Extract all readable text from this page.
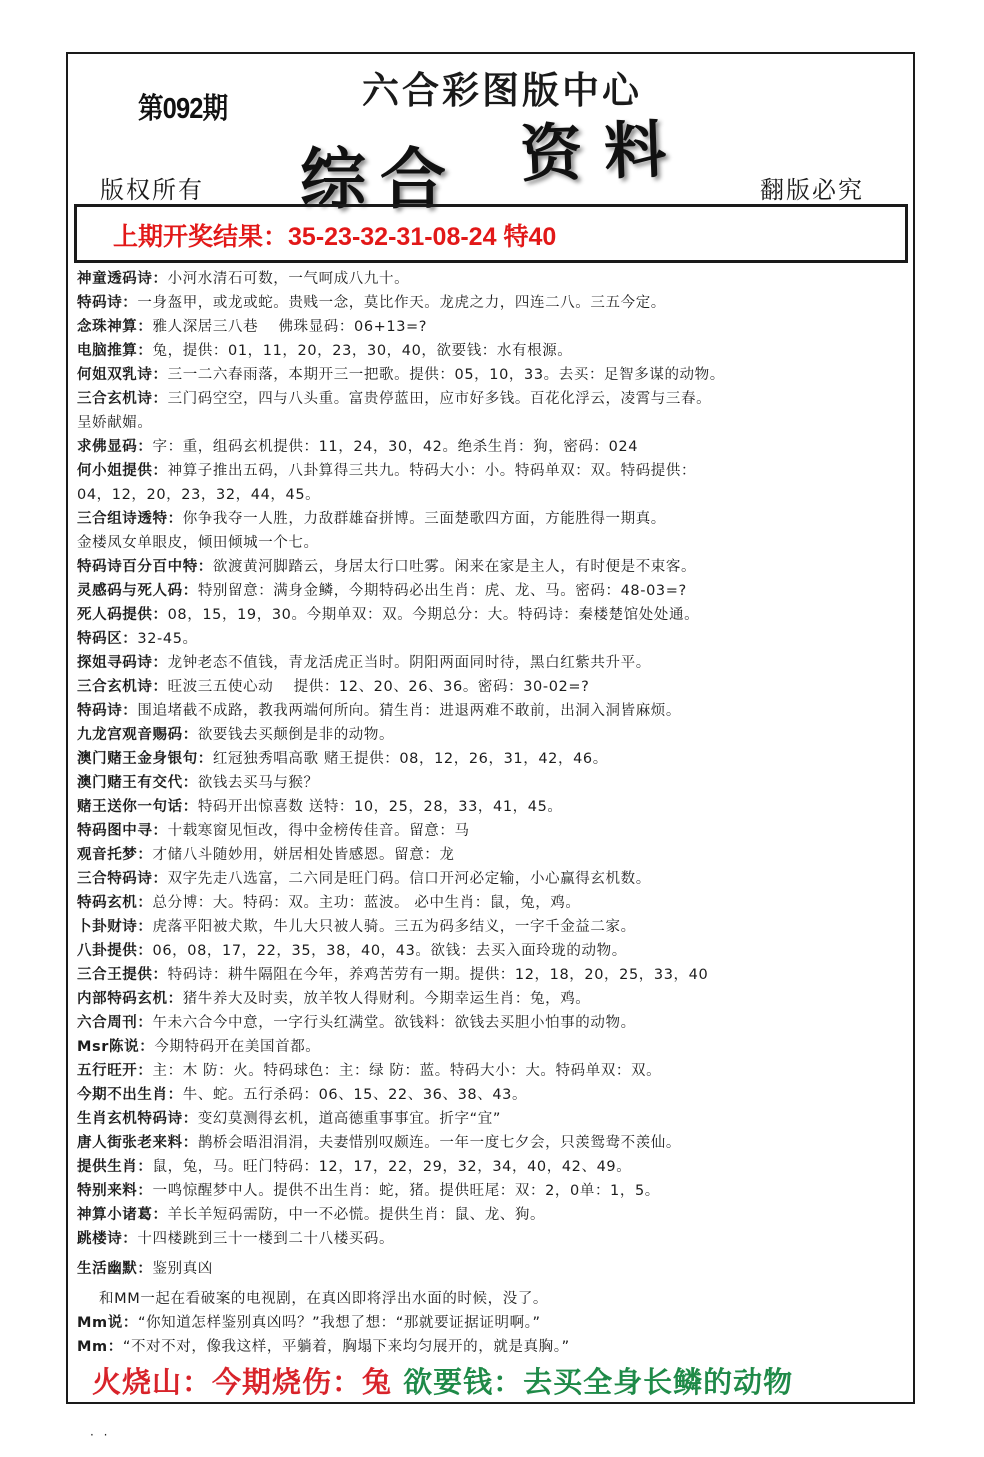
第092期	六合彩图版中心
综合 资料
版权所有	翻版必究
上期开奖结果：35-23-32-31-08-24 特40
神童透码诗：小河水清石可数，一气呵成八九十。
特码诗：一身盔甲，或龙或蛇。贵贱一念，莫比作天。龙虎之力，四连二八。三五今定。
念珠神算：雅人深居三八巷　 佛珠显码：06+13=?
电脑推算：兔，提供：01，11，20，23，30，40，欲要钱：水有根源。
何姐双乳诗：三一二六春雨落，本期开三一把歌。提供：05，10，33。去买：足智多谋的动物。
三合玄机诗：三门码空空，四与八头重。富贵停蓝田，应市好多钱。百花化浮云，凌霄与三春。
呈娇献媚。
求佛显码：字：重，组码玄机提供：11，24，30，42。绝杀生肖：狗，密码：024
何小姐提供：神算子推出五码，八卦算得三共九。特码大小：小。特码单双：双。特码提供：
04，12，20，23，32，44，45。
三合组诗透特：你争我夺一人胜，力敌群雄奋拼博。三面楚歌四方面，方能胜得一期真。
金楼凤女单眼皮，倾田倾城一个七。
特码诗百分百中特：欲渡黄河脚踏云，身居太行口吐雾。闲来在家是主人，有时便是不束客。
灵感码与死人码：特别留意：满身金鳞，今期特码必出生肖：虎、龙、马。密码：48-03=?
死人码提供：08，15，19，30。今期单双：双。今期总分：大。特码诗：秦楼楚馆处处通。
特码区：32-45。
探姐寻码诗：龙钟老态不值钱，青龙活虎正当时。阴阳两面同时待，黑白红紫共升平。
三合玄机诗：旺波三五使心动　 提供：12、20、26、36。密码：30-02=?
特码诗：围追堵截不成路，教我两端何所向。猜生肖：进退两难不敢前，出洞入洞皆麻烦。
九龙宫观音赐码：欲要钱去买颠倒是非的动物。
澳门赌王金身银句：红冠独秀唱高歌 赌王提供：08，12，26，31，42，46。
澳门赌王有交代：欲钱去买马与猴？
赌王送你一句话：特码开出惊喜数 送特：10，25，28，33，41，45。
特码图中寻：十载寒窗见恒改，得中金榜传佳音。留意：马
观音托梦：才储八斗随妙用，姘居相处皆感恩。留意：龙
三合特码诗：双字先走八选富，二六同是旺门码。信口开河必定输，小心赢得玄机数。
特码玄机：总分博：大。特码：双。主功：蓝波。 必中生肖：鼠，兔，鸡。
卜卦财诗：虎落平阳被犬欺，牛儿大只被人骑。三五为码多结义，一字千金益二家。
八卦提供：06，08，17，22，35，38，40，43。欲钱：去买入面玲珑的动物。
三合王提供：特码诗：耕牛隔阻在今年，养鸡苦劳有一期。提供：12，18，20，25，33，40
内部特码玄机：猪牛养大及时卖，放羊牧人得财利。今期幸运生肖：兔，鸡。
六合周刊：午未六合今中意，一字行头红满堂。欲钱料：欲钱去买胆小怕事的动物。
Msr陈说：今期特码开在美国首都。
五行旺开：主：木 防：火。特码球色：主：绿 防：蓝。特码大小：大。特码单双：双。
今期不出生肖：牛、蛇。五行杀码：06、15、22、36、38、43。
生肖玄机特码诗：变幻莫测得玄机，道高德重事事宜。折字“宜”
唐人街张老来料：鹊桥会晤泪涓涓，夫妻惜别叹颇连。一年一度七夕会，只羡鸳鸯不羡仙。
提供生肖：鼠，兔，马。旺门特码：12，17，22，29，32，34，40，42、49。
特别来料：一鸣惊醒梦中人。提供不出生肖：蛇，猪。提供旺尾：双：2，0单：1，5。
神算小诸葛：羊长羊短码需防，中一不必慌。提供生肖：鼠、龙、狗。
跳楼诗：十四楼跳到三十一楼到二十八楼买码。
生活幽默：鉴别真凶
和MM一起在看破案的电视剧，在真凶即将浮出水面的时候，没了。
Mm说：“你知道怎样鉴别真凶吗？”我想了想：“那就要证据证明啊。”
Mm：“不对不对，像我这样，平躺着，胸塌下来均匀展开的，就是真胸。”
火烧山：今期烧伤：兔 欲要钱：去买全身长鳞的动物
· ·
